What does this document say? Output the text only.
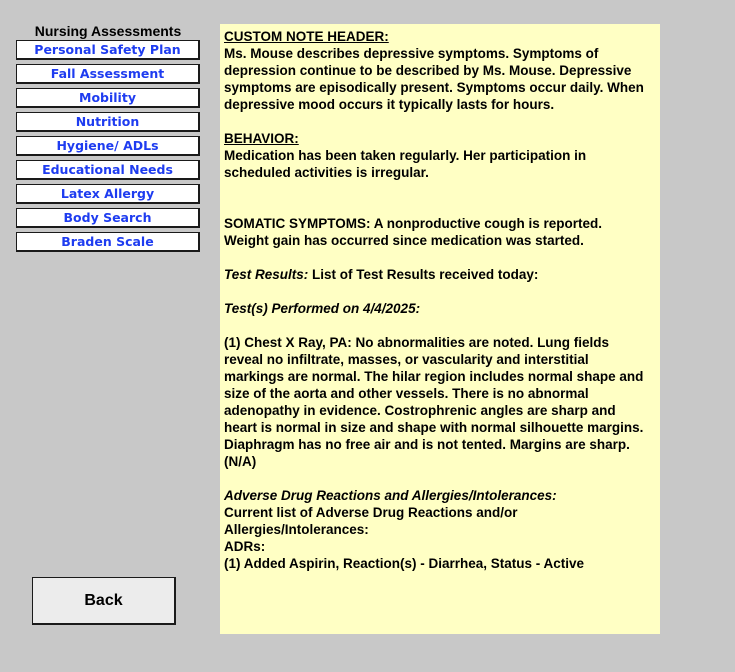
Nursing Assessments
Personal Safety Plan
Fall Assessment
Mobility
Nutrition
Hygiene/ ADLs
Educational Needs
Latex Allergy
Body Search
Braden Scale
Back

CUSTOM NOTE HEADER:

Ms. Mouse describes depressive symptoms. Symptoms of depression continue to be described by Ms. Mouse. Depressive symptoms are episodically present. Symptoms occur daily. When depressive mood occurs it typically lasts for hours.

BEHAVIOR:

Medication has been taken regularly. Her participation in scheduled activities is irregular.

SOMATIC SYMPTOMS: A nonproductive cough is reported. Weight gain has occurred since medication was started.

Test Results: List of Test Results received today:

Test(s) Performed on 4/4/2025:

(1) Chest X Ray, PA: No abnormalities are noted. Lung fields reveal no infiltrate, masses, or vascularity and interstitial markings are normal. The hilar region includes normal shape and size of the aorta and other vessels. There is no abnormal adenopathy in evidence. Costrophrenic angles are sharp and heart is normal in size and shape with normal silhouette margins. Diaphragm has no free air and is not tented. Margins are sharp. (N/A)

Adverse Drug Reactions and Allergies/Intolerances:

Current list of Adverse Drug Reactions and/or Allergies/Intolerances:

ADRs:

(1) Added Aspirin, Reaction(s) - Diarrhea, Status - Active
